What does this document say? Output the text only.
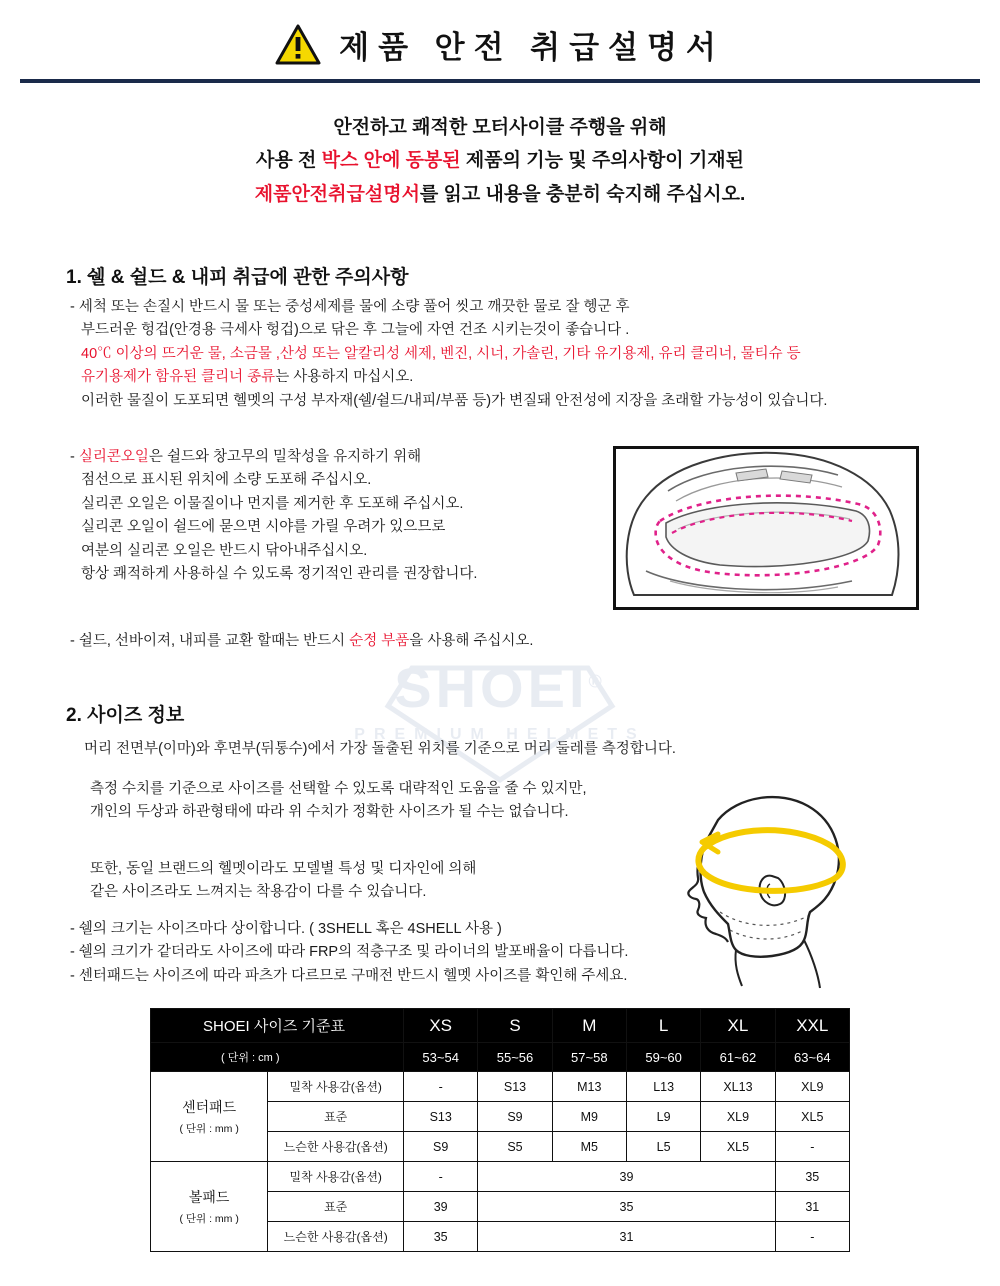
제품 안전 취급설명서
안전하고 쾌적한 모터사이클 주행을 위해
사용 전 박스 안에 동봉된 제품의 기능 및 주의사항이 기재된
제품안전취급설명서를 읽고 내용을 충분히 숙지해 주십시오.
1. 쉘 & 쉴드 & 내피 취급에 관한 주의사항
- 세척 또는 손질시 반드시 물 또는 중성세제를 물에 소량 풀어 씻고 깨끗한 물로 잘 헹군 후
부드러운 헝겁(안경용 극세사 헝겁)으로 닦은 후 그늘에 자연 건조 시키는것이 좋습니다 .
40℃ 이상의 뜨거운 물, 소금물 ,산성 또는 알칼리성 세제, 벤진, 시너, 가솔린, 기타 유기용제, 유리 클리너, 물티슈 등
유기용제가 함유된 클리너 종류는 사용하지 마십시오.
이러한 물질이 도포되면 헬멧의 구성 부자재(쉘/쉴드/내피/부품 등)가 변질돼 안전성에 지장을 초래할 가능성이 있습니다.
- 실리콘오일은 쉴드와 창고무의 밀착성을 유지하기 위해
점선으로 표시된 위치에 소량 도포해 주십시오.
실리콘 오일은 이물질이나 먼지를 제거한 후 도포해 주십시오.
실리콘 오일이 쉴드에 묻으면 시야를 가릴 우려가 있으므로
여분의 실리콘 오일은 반드시 닦아내주십시오.
항상 쾌적하게 사용하실 수 있도록 정기적인 관리를 권장합니다.
- 쉴드, 선바이져, 내피를 교환 할때는 반드시 순정 부품을 사용해 주십시오.
SHOEI®
PREMIUM HELMETS
2. 사이즈 정보
머리 전면부(이마)와 후면부(뒤통수)에서 가장 돌출된 위치를 기준으로 머리 둘레를 측정합니다.
측정 수치를 기준으로 사이즈를 선택할 수 있도록 대략적인 도움을 줄 수 있지만,
개인의 두상과 하관형태에 따라 위 수치가 정확한 사이즈가 될 수는 없습니다.
또한, 동일 브랜드의 헬멧이라도 모델별 특성 및 디자인에 의해
같은 사이즈라도 느껴지는 착용감이 다를 수 있습니다.
- 쉘의 크기는 사이즈마다 상이합니다. ( 3SHELL 혹은 4SHELL 사용 )
- 쉘의 크기가 같더라도 사이즈에 따라 FRP의 적층구조 및 라이너의 발포배율이 다릅니다.
- 센터패드는 사이즈에 따라 파츠가 다르므로 구매전 반드시 헬멧 사이즈를 확인해 주세요.
SHOEI 사이즈 기준표		XS	S	M	L	XL	XXL
( 단위 : cm )		53~54	55~56	57~58	59~60	61~62	63~64
센터패드
( 단위 : mm )	밀착 사용감(옵션)	-	S13	M13	L13	XL13	XL9
	표준	S13	S9	M9	L9	XL9	XL5
	느슨한 사용감(옵션)	S9	S5	M5	L5	XL5	-
볼패드
( 단위 : mm )	밀착 사용감(옵션)	-	39				35
	표준	39	35				31
	느슨한 사용감(옵션)	35	31				-
